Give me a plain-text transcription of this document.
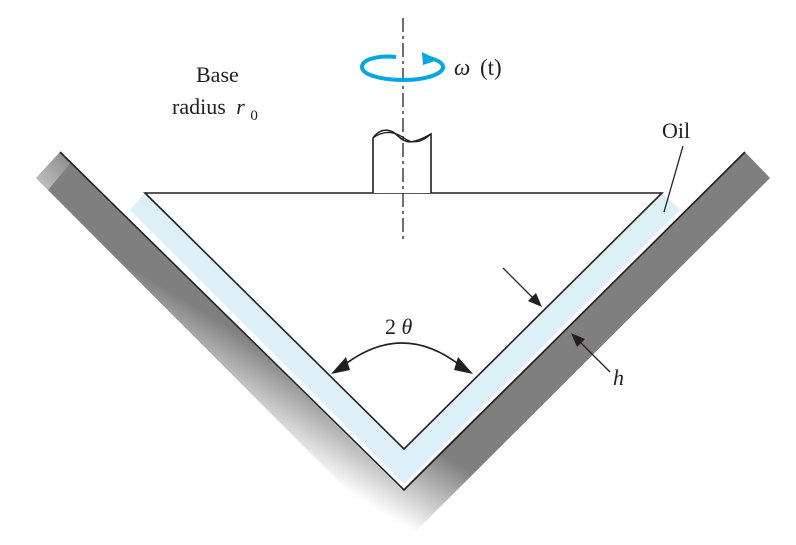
ω (t)
Base
radius r $_0$
Oil
2 θ
h
